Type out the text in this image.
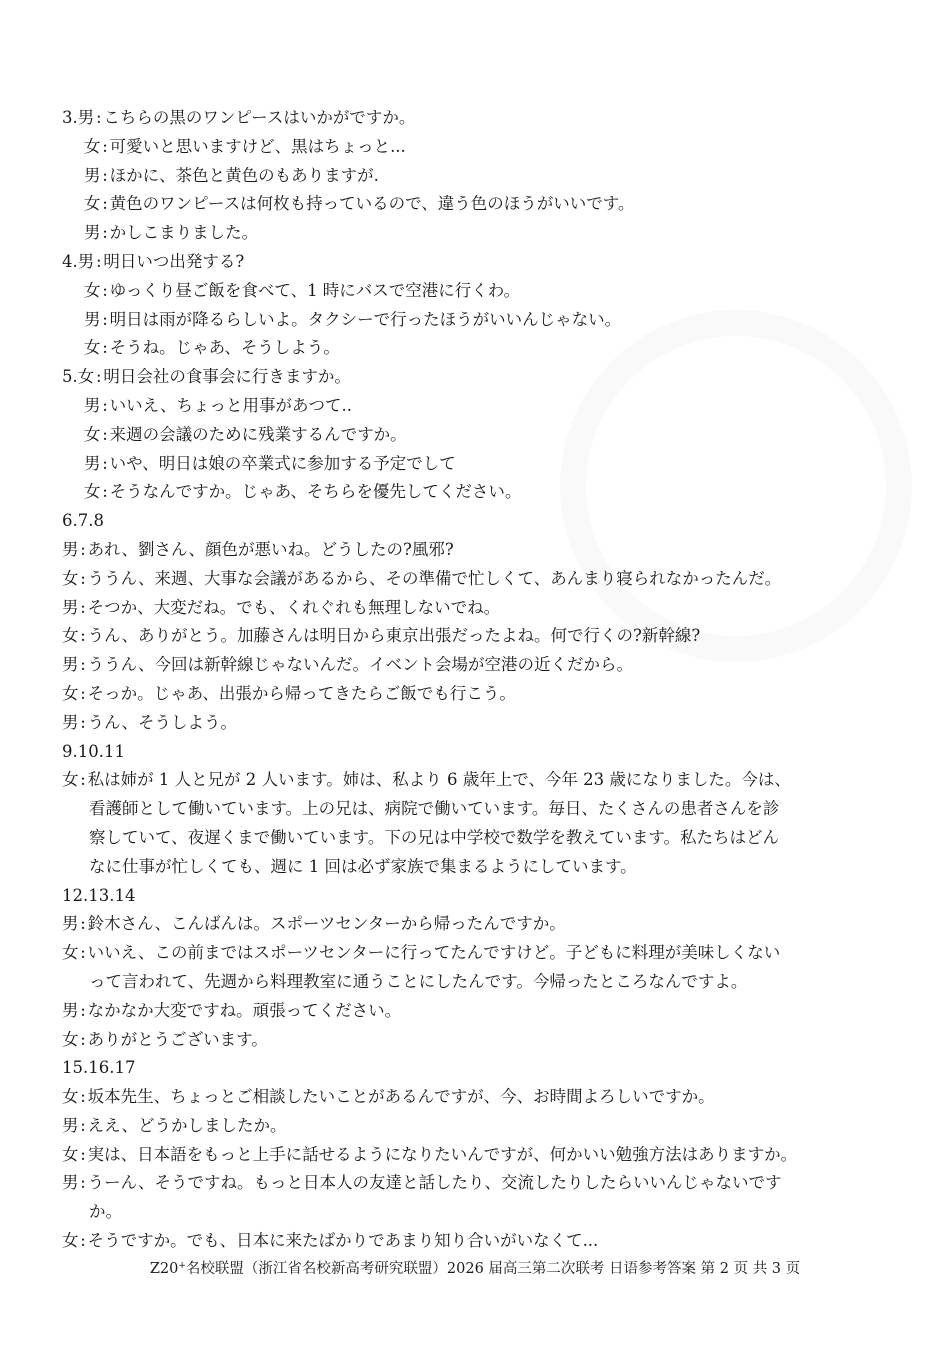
3.男 : こちらの黒のワンピースはいかがですか。
女 : 可愛いと思いますけど、黒はちょっと...
男 : ほかに、茶色と黄色のもありますが.
女 : 黄色のワンピースは何枚も持っているので、違う色のほうがいいです。
男 : かしこまりました。
4.男 : 明日いつ出発する?
女 : ゆっくり昼ご飯を食べて、1 時にバスで空港に行くわ。
男 : 明日は雨が降るらしいよ。タクシーで行ったほうがいいんじゃない。
女 : そうね。じゃあ、そうしよう。
5.女 : 明日会社の食事会に行きますか。
男 : いいえ、ちょっと用事があつて..
女 : 来週の会議のために残業するんですか。
男 : いや、明日は娘の卒業式に参加する予定でして
女 : そうなんですか。じゃあ、そちらを優先してください。
6.7.8
男 : あれ、劉さん、顔色が悪いね。どうしたの?風邪?
女 : ううん、来週、大事な会議があるから、その準備で忙しくて、あんまり寝られなかったんだ。
男 : そつか、大変だね。でも、くれぐれも無理しないでね。
女 : うん、ありがとう。加藤さんは明日から東京出張だったよね。何で行くの?新幹線?
男 : ううん、今回は新幹線じゃないんだ。イベント会場が空港の近くだから。
女 : そっか。じゃあ、出張から帰ってきたらご飯でも行こう。
男 : うん、そうしよう。
9.10.11
女 : 私は姉が 1 人と兄が 2 人います。姉は、私より 6 歳年上で、今年 23 歳になりました。今は、
看護師として働いています。上の兄は、病院で働いています。毎日、たくさんの患者さんを診
察していて、夜遅くまで働いています。下の兄は中学校で数学を教えています。私たちはどん
なに仕事が忙しくても、週に 1 回は必ず家族で集まるようにしています。
12.13.14
男 : 鈴木さん、こんばんは。スポーツセンターから帰ったんですか。
女 : いいえ、この前まではスポーツセンターに行ってたんですけど。子どもに料理が美味しくない
って言われて、先週から料理教室に通うことにしたんです。今帰ったところなんですよ。
男 : なかなか大変ですね。頑張ってください。
女 : ありがとうございます。
15.16.17
女 : 坂本先生、ちょっとご相談したいことがあるんですが、今、お時間よろしいですか。
男 : ええ、どうかしましたか。
女 : 実は、日本語をもっと上手に話せるようになりたいんですが、何かいい勉強方法はありますか。
男 : うーん、そうですね。もっと日本人の友達と話したり、交流したりしたらいいんじゃないです
か。
女 : そうですか。でも、日本に来たばかりであまり知り合いがいなくて...
Z20+名校联盟（浙江省名校新高考研究联盟）2026 届高三第二次联考 日语参考答案 第 2 页 共 3 页
